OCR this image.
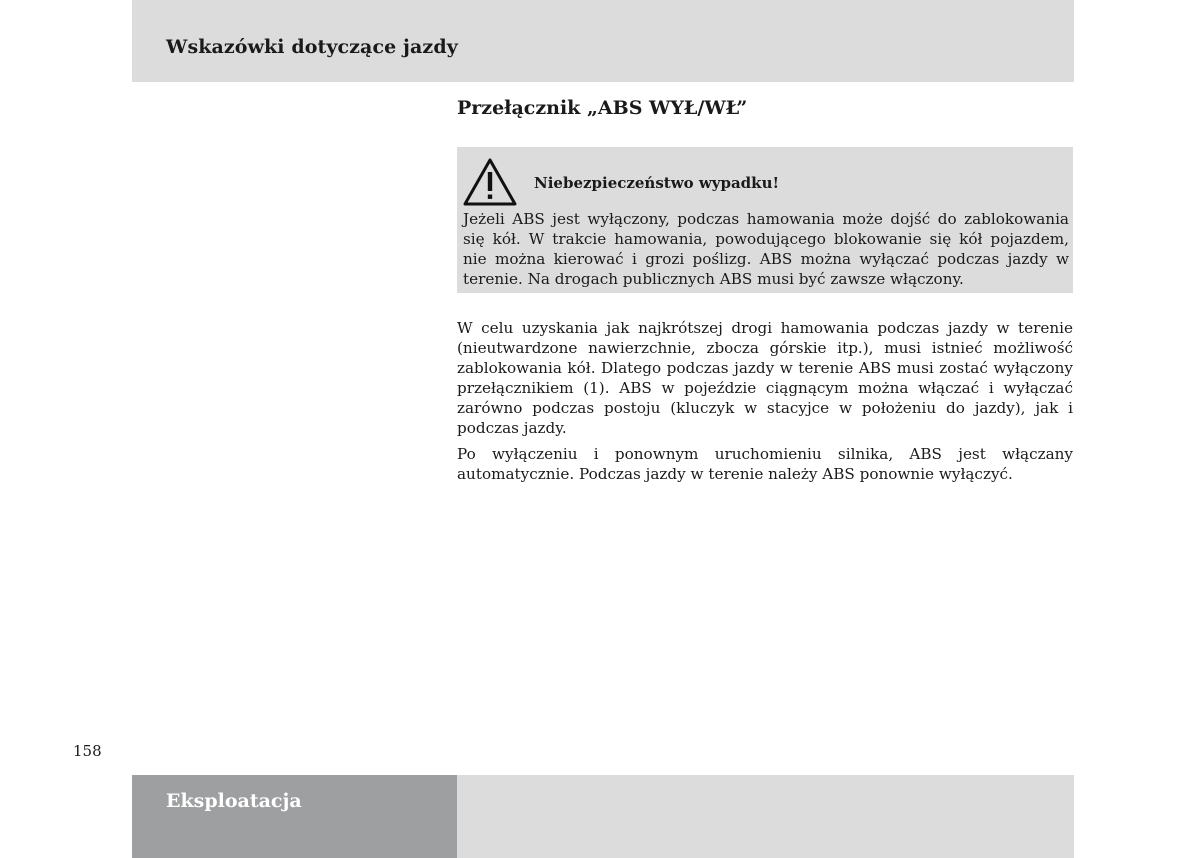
Wskazówki dotyczące jazdy
Przełącznik „ABS WYŁ/WŁ”
Niebezpieczeństwo wypadku!
Jeżeli ABS jest wyłączony, podczas hamowania może dojść do zablokowania się kół. W trakcie hamowania, powodującego blokowanie się kół pojazdem, nie można kierować i grozi poślizg. ABS można wyłączać podczas jazdy w terenie. Na drogach publicznych ABS musi być zawsze włączony.

W celu uzyskania jak najkrótszej drogi hamowania podczas jazdy w terenie (nieutwardzone nawierzchnie, zbocza górskie itp.), musi istnieć możliwość zablokowania kół. Dlatego podczas jazdy w terenie ABS musi zostać wyłączony przełącznikiem (1). ABS w pojeździe ciągnącym można włączać i wyłączać zarówno podczas postoju (kluczyk w stacyjce w położeniu do jazdy), jak i podczas jazdy.

Po wyłączeniu i ponownym uruchomieniu silnika, ABS jest włączany automatycznie. Podczas jazdy w terenie należy ABS ponownie wyłączyć.

158
Eksploatacja
